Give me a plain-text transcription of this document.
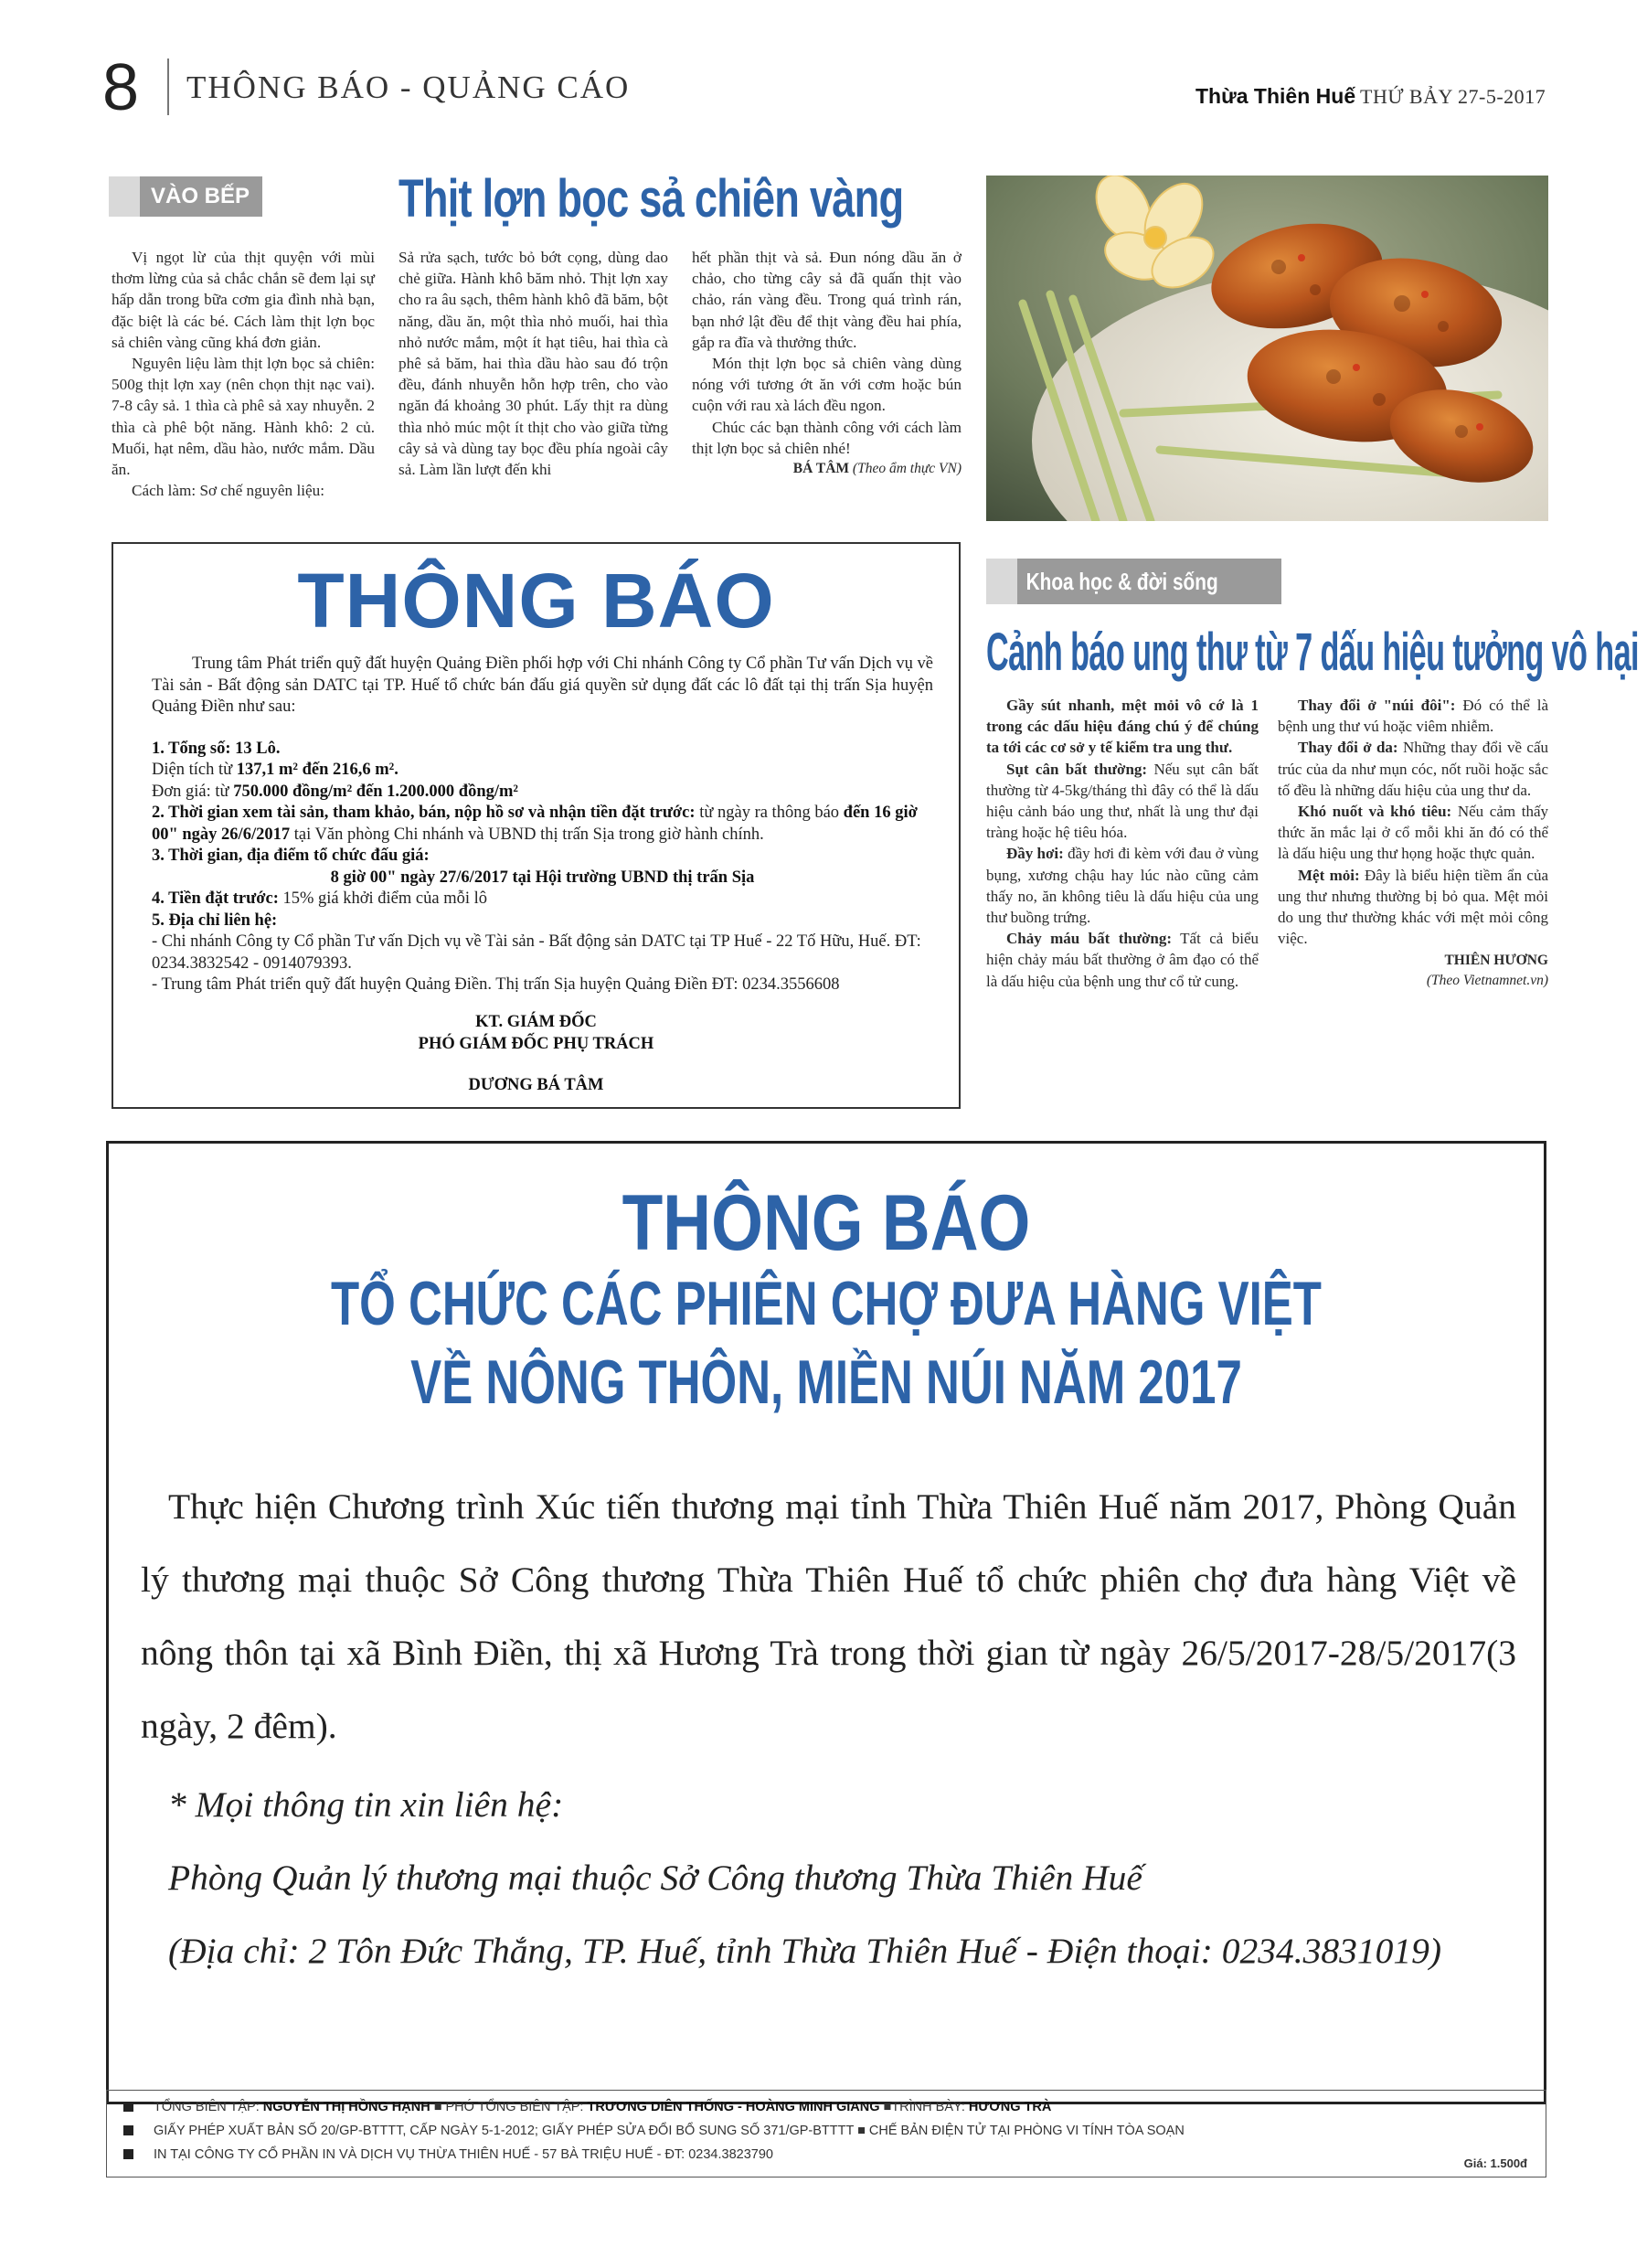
8 THÔNG BÁO - QUẢNG CÁO	Thừa Thiên Huế THỨ BẢY 27-5-2017
VÀO BẾP	Thịt lợn bọc sả chiên vàng

Vị ngọt lừ của thịt quyện với mùi thơm lừng của sả chắc chắn sẽ đem lại sự hấp dẫn trong bữa cơm gia đình nhà bạn, đặc biệt là các bé. Cách làm thịt lợn bọc sả chiên vàng cũng khá đơn giản.

Nguyên liệu làm thịt lợn bọc sả chiên: 500g thịt lợn xay (nên chọn thịt nạc vai). 7-8 cây sả. 1 thìa cà phê sả xay nhuyễn. 2 thìa cà phê bột năng. Hành khô: 2 củ. Muối, hạt nêm, dầu hào, nước mắm. Dầu ăn.

Cách làm: Sơ chế nguyên liệu:

Sả rửa sạch, tước bỏ bớt cọng, dùng dao chẻ giữa. Hành khô băm nhỏ. Thịt lợn xay cho ra âu sạch, thêm hành khô đã băm, bột năng, dầu ăn, một thìa nhỏ muối, hai thìa nhỏ nước mắm, một ít hạt tiêu, hai thìa cà phê sả băm, hai thìa dầu hào sau đó trộn đều, đánh nhuyễn hỗn hợp trên, cho vào ngăn đá khoảng 30 phút. Lấy thịt ra dùng thìa nhỏ múc một ít thịt cho vào giữa từng cây sả và dùng tay bọc đều phía ngoài cây sả. Làm lần lượt đến khi

hết phần thịt và sả. Đun nóng dầu ăn ở chảo, cho từng cây sả đã quấn thịt vào chảo, rán vàng đều. Trong quá trình rán, bạn nhớ lật đều để thịt vàng đều hai phía, gắp ra đĩa và thưởng thức.

Món thịt lợn bọc sả chiên vàng dùng nóng với tương ớt ăn với cơm hoặc bún cuộn với rau xà lách đều ngon.

Chúc các bạn thành công với cách làm thịt lợn bọc sả chiên nhé!

BÁ TÂM (Theo ẩm thực VN)
THÔNG BÁO

Trung tâm Phát triển quỹ đất huyện Quảng Điền phối hợp với Chi nhánh Công ty Cổ phần Tư vấn Dịch vụ về Tài sản - Bất động sản DATC tại TP. Huế tổ chức bán đấu giá quyền sử dụng đất các lô đất tại thị trấn Sịa huyện Quảng Điền như sau:

1. Tổng số: 13 Lô.

Diện tích từ 137,1 m² đến 216,6 m².

Đơn giá: từ 750.000 đồng/m² đến 1.200.000 đồng/m²

2. Thời gian xem tài sản, tham khảo, bán, nộp hồ sơ và nhận tiền đặt trước: từ ngày ra thông báo đến 16 giờ 00" ngày 26/6/2017 tại Văn phòng Chi nhánh và UBND thị trấn Sịa trong giờ hành chính.

3. Thời gian, địa điểm tổ chức đấu giá:

8 giờ 00" ngày 27/6/2017 tại Hội trường UBND thị trấn Sịa

4. Tiền đặt trước: 15% giá khởi điểm của mỗi lô

5. Địa chỉ liên hệ:

- Chi nhánh Công ty Cổ phần Tư vấn Dịch vụ về Tài sản - Bất động sản DATC tại TP Huế - 22 Tố Hữu, Huế. ĐT: 0234.3832542 - 0914079393.

- Trung tâm Phát triển quỹ đất huyện Quảng Điền. Thị trấn Sịa huyện Quảng Điền ĐT: 0234.3556608

KT. GIÁM ĐỐC

PHÓ GIÁM ĐỐC PHỤ TRÁCH

DƯƠNG BÁ TÂM

Khoa học & đời sống
Cảnh báo ung thư từ 7 dấu hiệu tưởng vô hại

Gầy sút nhanh, mệt mỏi vô cớ là 1 trong các dấu hiệu đáng chú ý để chúng ta tới các cơ sở y tế kiểm tra ung thư.

Sụt cân bất thường: Nếu sụt cân bất thường từ 4-5kg/tháng thì đây có thể là dấu hiệu cảnh báo ung thư, nhất là ung thư đại tràng hoặc hệ tiêu hóa.

Đầy hơi: đầy hơi đi kèm với đau ở vùng bụng, xương chậu hay lúc nào cũng cảm thấy no, ăn không tiêu là dấu hiệu của ung thư buồng trứng.

Chảy máu bất thường: Tất cả biểu hiện chảy máu bất thường ở âm đạo có thể là dấu hiệu của bệnh ung thư cổ tử cung.

Thay đổi ở "núi đôi": Đó có thể là bệnh ung thư vú hoặc viêm nhiễm.

Thay đổi ở da: Những thay đổi về cấu trúc của da như mụn cóc, nốt ruồi hoặc sắc tố đều là những dấu hiệu của ung thư da.

Khó nuốt và khó tiêu: Nếu cảm thấy thức ăn mắc lại ở cổ mỗi khi ăn đó có thể là dấu hiệu ung thư họng hoặc thực quản.

Mệt mỏi: Đây là biểu hiện tiềm ẩn của ung thư nhưng thường bị bỏ qua. Mệt mỏi do ung thư thường khác với mệt mỏi công việc.

THIÊN HƯƠNG
(Theo Vietnamnet.vn)
THÔNG BÁO
TỔ CHỨC CÁC PHIÊN CHỢ ĐƯA HÀNG VIỆT
VỀ NÔNG THÔN, MIỀN NÚI NĂM 2017
Thực hiện Chương trình Xúc tiến thương mại tỉnh Thừa Thiên Huế năm 2017, Phòng Quản lý thương mại thuộc Sở Công thương Thừa Thiên Huế tổ chức phiên chợ đưa hàng Việt về nông thôn tại xã Bình Điền, thị xã Hương Trà trong thời gian từ ngày 26/5/2017-28/5/2017(3 ngày, 2 đêm).
* Mọi thông tin xin liên hệ:
Phòng Quản lý thương mại thuộc Sở Công thương Thừa Thiên Huế
(Địa chỉ: 2 Tôn Đức Thắng, TP. Huế, tỉnh Thừa Thiên Huế - Điện thoại: 0234.3831019)
TỔNG BIÊN TẬP: NGUYỄN THỊ HỒNG HẠNH ■ PHÓ TỔNG BIÊN TẬP: TRƯƠNG DIÊN THỐNG - HOÀNG MINH GIANG ■TRÌNH BÀY: HƯƠNG TRÀ
GIẤY PHÉP XUẤT BẢN SỐ 20/GP-BTTTT, CẤP NGÀY 5-1-2012; GIẤY PHÉP SỬA ĐỔI BỔ SUNG SỐ 371/GP-BTTTT ■ CHẾ BẢN ĐIỆN TỬ TẠI PHÒNG VI TÍNH TÒA SOẠN
IN TẠI CÔNG TY CỔ PHẦN IN VÀ DỊCH VỤ THỪA THIÊN HUẾ - 57 BÀ TRIỆU HUẾ - ĐT: 0234.3823790
Giá: 1.500đ
